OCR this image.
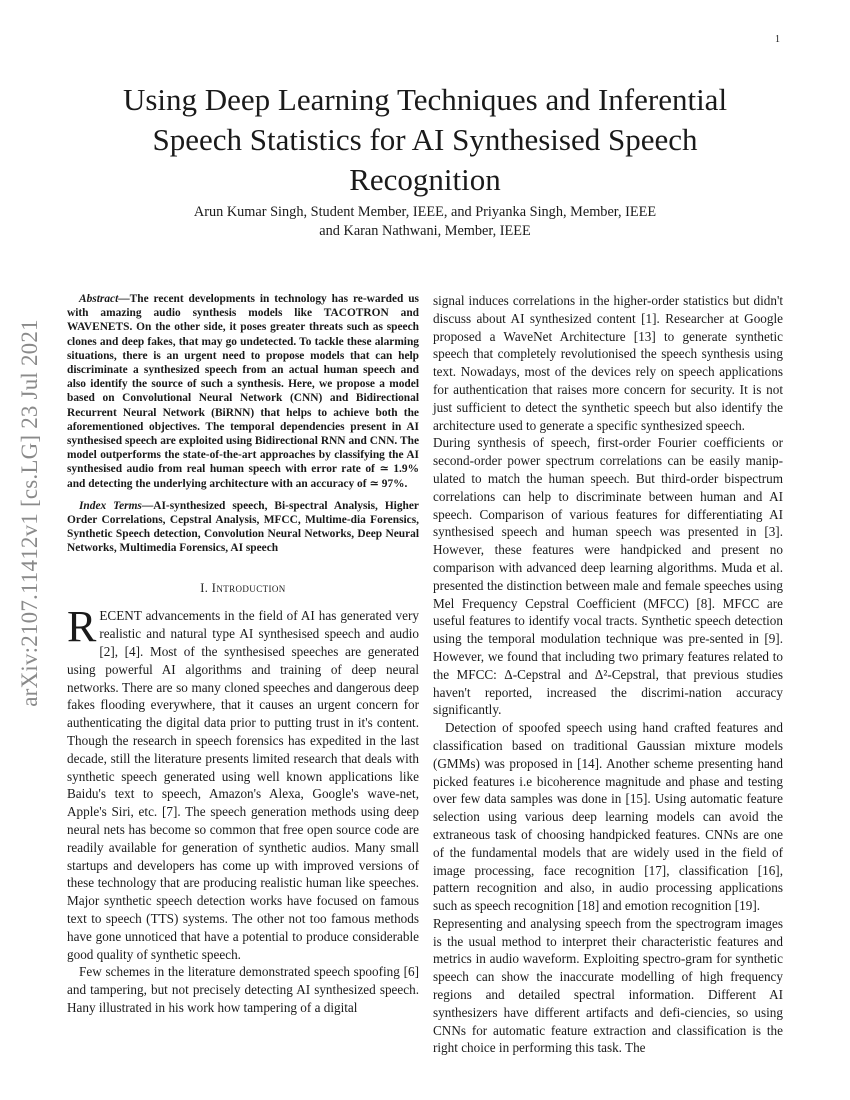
1
arXiv:2107.11412v1 [cs.LG] 23 Jul 2021
Using Deep Learning Techniques and Inferential Speech Statistics for AI Synthesised Speech Recognition
Arun Kumar Singh, Student Member, IEEE, and Priyanka Singh, Member, IEEE
and Karan Nathwani, Member, IEEE

Abstract—The recent developments in technology has re-warded us with amazing audio synthesis models like TACOTRON and WAVENETS. On the other side, it poses greater threats such as speech clones and deep fakes, that may go undetected. To tackle these alarming situations, there is an urgent need to propose models that can help discriminate a synthesized speech from an actual human speech and also identify the source of such a synthesis. Here, we propose a model based on Convolutional Neural Network (CNN) and Bidirectional Recurrent Neural Network (BiRNN) that helps to achieve both the aforementioned objectives. The temporal dependencies present in AI synthesised speech are exploited using Bidirectional RNN and CNN. The model outperforms the state-of-the-art approaches by classifying the AI synthesised audio from real human speech with error rate of ≃ 1.9% and detecting the underlying architecture with an accuracy of ≃ 97%.

Index Terms—AI-synthesized speech, Bi-spectral Analysis, Higher Order Correlations, Cepstral Analysis, MFCC, Multime-dia Forensics, Synthetic Speech detection, Convolution Neural Networks, Deep Neural Networks, Multimedia Forensics, AI speech

I. Introduction

RECENT advancements in the field of AI has generated very realistic and natural type AI synthesised speech and audio [2], [4]. Most of the synthesised speeches are generated using powerful AI algorithms and training of deep neural networks. There are so many cloned speeches and dangerous deep fakes flooding everywhere, that it causes an urgent concern for authenticating the digital data prior to putting trust in it's content. Though the research in speech forensics has expedited in the last decade, still the literature presents limited research that deals with synthetic speech generated using well known applications like Baidu's text to speech, Amazon's Alexa, Google's wave-net, Apple's Siri, etc. [7]. The speech generation methods using deep neural nets has become so common that free open source code are readily available for generation of synthetic audios. Many small startups and developers has come up with improved versions of these technology that are producing realistic human like speeches. Major synthetic speech detection works have focused on famous text to speech (TTS) systems. The other not too famous methods have gone unnoticed that have a potential to produce considerable good quality of synthetic speech.

Few schemes in the literature demonstrated speech spoofing [6] and tampering, but not precisely detecting AI synthesized speech. Hany illustrated in his work how tampering of a digital

signal induces correlations in the higher-order statistics but didn't discuss about AI synthesized content [1]. Researcher at Google proposed a WaveNet Architecture [13] to generate synthetic speech that completely revolutionised the speech synthesis using text. Nowadays, most of the devices rely on speech applications for authentication that raises more concern for security. It is not just sufficient to detect the synthetic speech but also identify the architecture used to generate a specific synthesized speech.

During synthesis of speech, first-order Fourier coefficients or second-order power spectrum correlations can be easily manip-ulated to match the human speech. But third-order bispectrum correlations can help to discriminate between human and AI speech. Comparison of various features for differentiating AI synthesised speech and human speech was presented in [3]. However, these features were handpicked and present no comparison with advanced deep learning algorithms. Muda et al. presented the distinction between male and female speeches using Mel Frequency Cepstral Coefficient (MFCC) [8]. MFCC are useful features to identify vocal tracts. Synthetic speech detection using the temporal modulation technique was pre-sented in [9]. However, we found that including two primary features related to the MFCC: Δ-Cepstral and Δ²-Cepstral, that previous studies haven't reported, increased the discrimi-nation accuracy significantly.

Detection of spoofed speech using hand crafted features and classification based on traditional Gaussian mixture models (GMMs) was proposed in [14]. Another scheme presenting hand picked features i.e bicoherence magnitude and phase and testing over few data samples was done in [15]. Using automatic feature selection using various deep learning models can avoid the extraneous task of choosing handpicked features. CNNs are one of the fundamental models that are widely used in the field of image processing, face recognition [17], classification [16], pattern recognition and also, in audio processing applications such as speech recognition [18] and emotion recognition [19].

Representing and analysing speech from the spectrogram images is the usual method to interpret their characteristic features and metrics in audio waveform. Exploiting spectro-gram for synthetic speech can show the inaccurate modelling of high frequency regions and detailed spectral information. Different AI synthesizers have different artifacts and defi-ciencies, so using CNNs for automatic feature extraction and classification is the right choice in performing this task. The
